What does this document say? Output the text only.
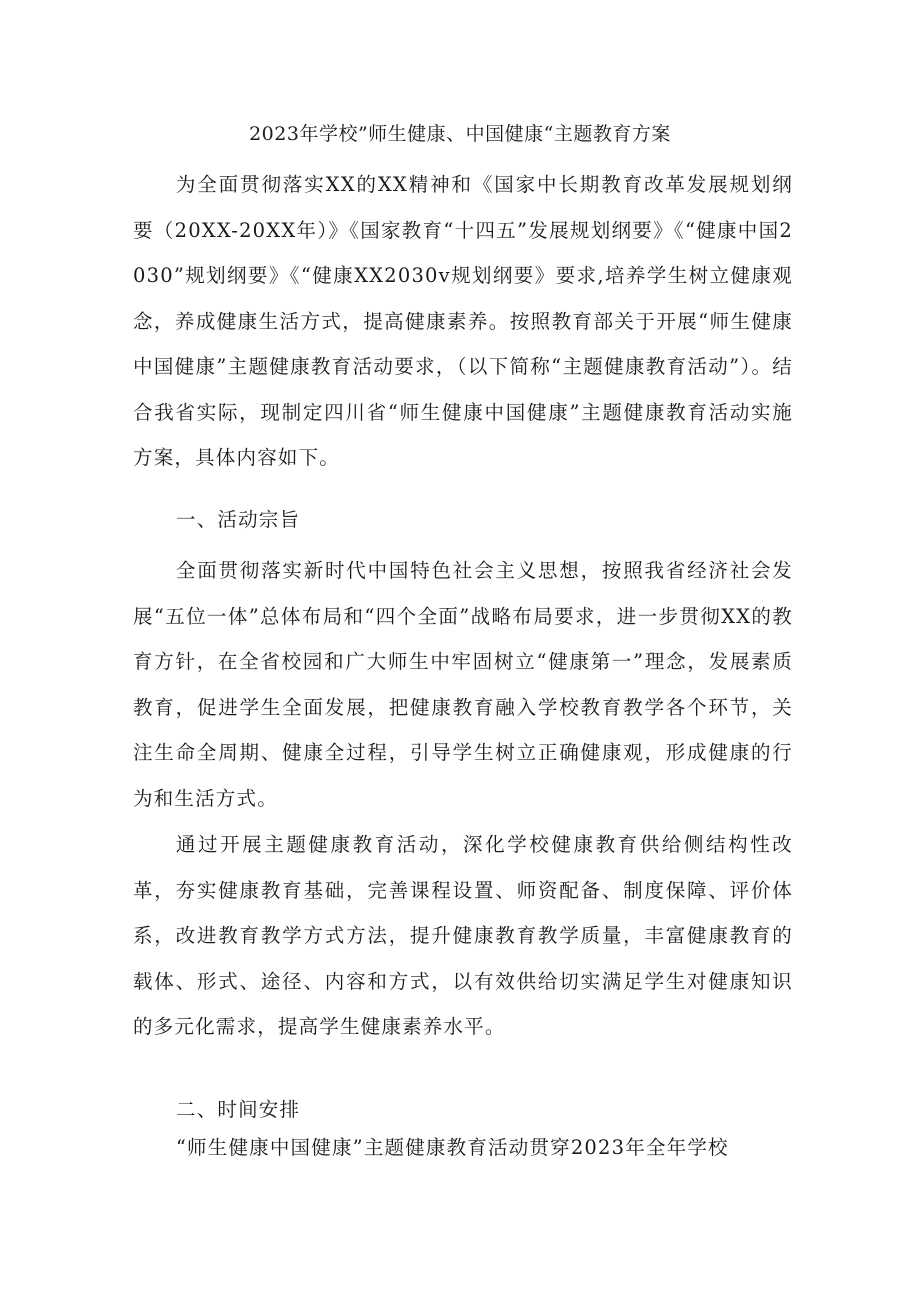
2023年学校”师生健康、中国健康“主题教育方案

为全面贯彻落实XX的XX精神和《国家中长期教育改革发展规划纲要（20XX-20XX年）》《国家教育“十四五”发展规划纲要》《“健康中国2030”规划纲要》《“健康XX2030v规划纲要》要求,培养学生树立健康观念，养成健康生活方式，提高健康素养。按照教育部关于开展“师生健康中国健康”主题健康教育活动要求，（以下简称“主题健康教育活动”）。结合我省实际，现制定四川省“师生健康中国健康”主题健康教育活动实施方案，具体内容如下。

一、活动宗旨

全面贯彻落实新时代中国特色社会主义思想，按照我省经济社会发展“五位一体”总体布局和“四个全面”战略布局要求，进一步贯彻XX的教育方针，在全省校园和广大师生中牢固树立“健康第一”理念，发展素质教育，促进学生全面发展，把健康教育融入学校教育教学各个环节，关注生命全周期、健康全过程，引导学生树立正确健康观，形成健康的行为和生活方式。

通过开展主题健康教育活动，深化学校健康教育供给侧结构性改革，夯实健康教育基础，完善课程设置、师资配备、制度保障、评价体系，改进教育教学方式方法，提升健康教育教学质量，丰富健康教育的载体、形式、途径、内容和方式，以有效供给切实满足学生对健康知识的多元化需求，提高学生健康素养水平。

二、时间安排

“师生健康中国健康”主题健康教育活动贯穿2023年全年学校
